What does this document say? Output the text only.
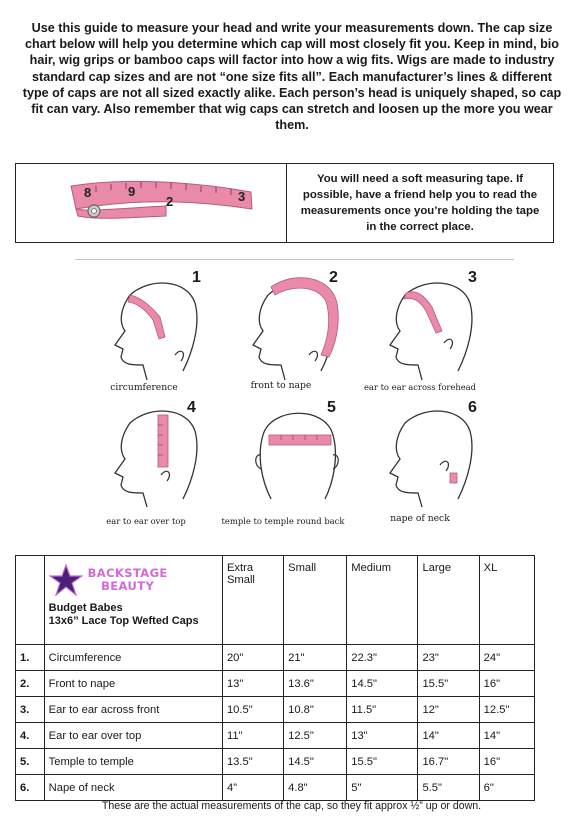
Use this guide to measure your head and write your measurements down. The cap size chart below will help you determine which cap will most closely fit you. Keep in mind, bio hair, wig grips or bamboo caps will factor into how a wig fits. Wigs are made to industry standard cap sizes and are not “one size fits all”. Each manufacturer’s lines & different type of caps are not all sized exactly alike. Each person’s head is uniquely shaped, so cap fit can vary. Also remember that wig caps can stretch and loosen up the more you wear them.
8	9
2	3
You will need a soft measuring tape. If possible, have a friend help you to read the measurements once you’re holding the tape in the correct place.
1
circumference
2
front to nape
3
ear to ear across forehead
4
ear to ear over top
5
temple to temple round back
6
nape of neck

	BACKSTAGE
BEAUTY
Budget Babes
13x6” Lace Top Wefted Caps	Extra Small	Small	Medium	Large	XL
1.	Circumference	20"	21"	22.3"	23"	24"
2.	Front to nape	13"	13.6"	14.5"	15.5"	16"
3.	Ear to ear across front	10.5"	10.8"	11.5"	12"	12.5"
4.	Ear to ear over top	11"	12.5"	13"	14"	14"
5.	Temple to temple	13.5"	14.5"	15.5"	16.7"	16"
6.	Nape of neck	4"	4.8"	5"	5.5"	6"
These are the actual measurements of the cap, so they fit approx ½” up or down.
